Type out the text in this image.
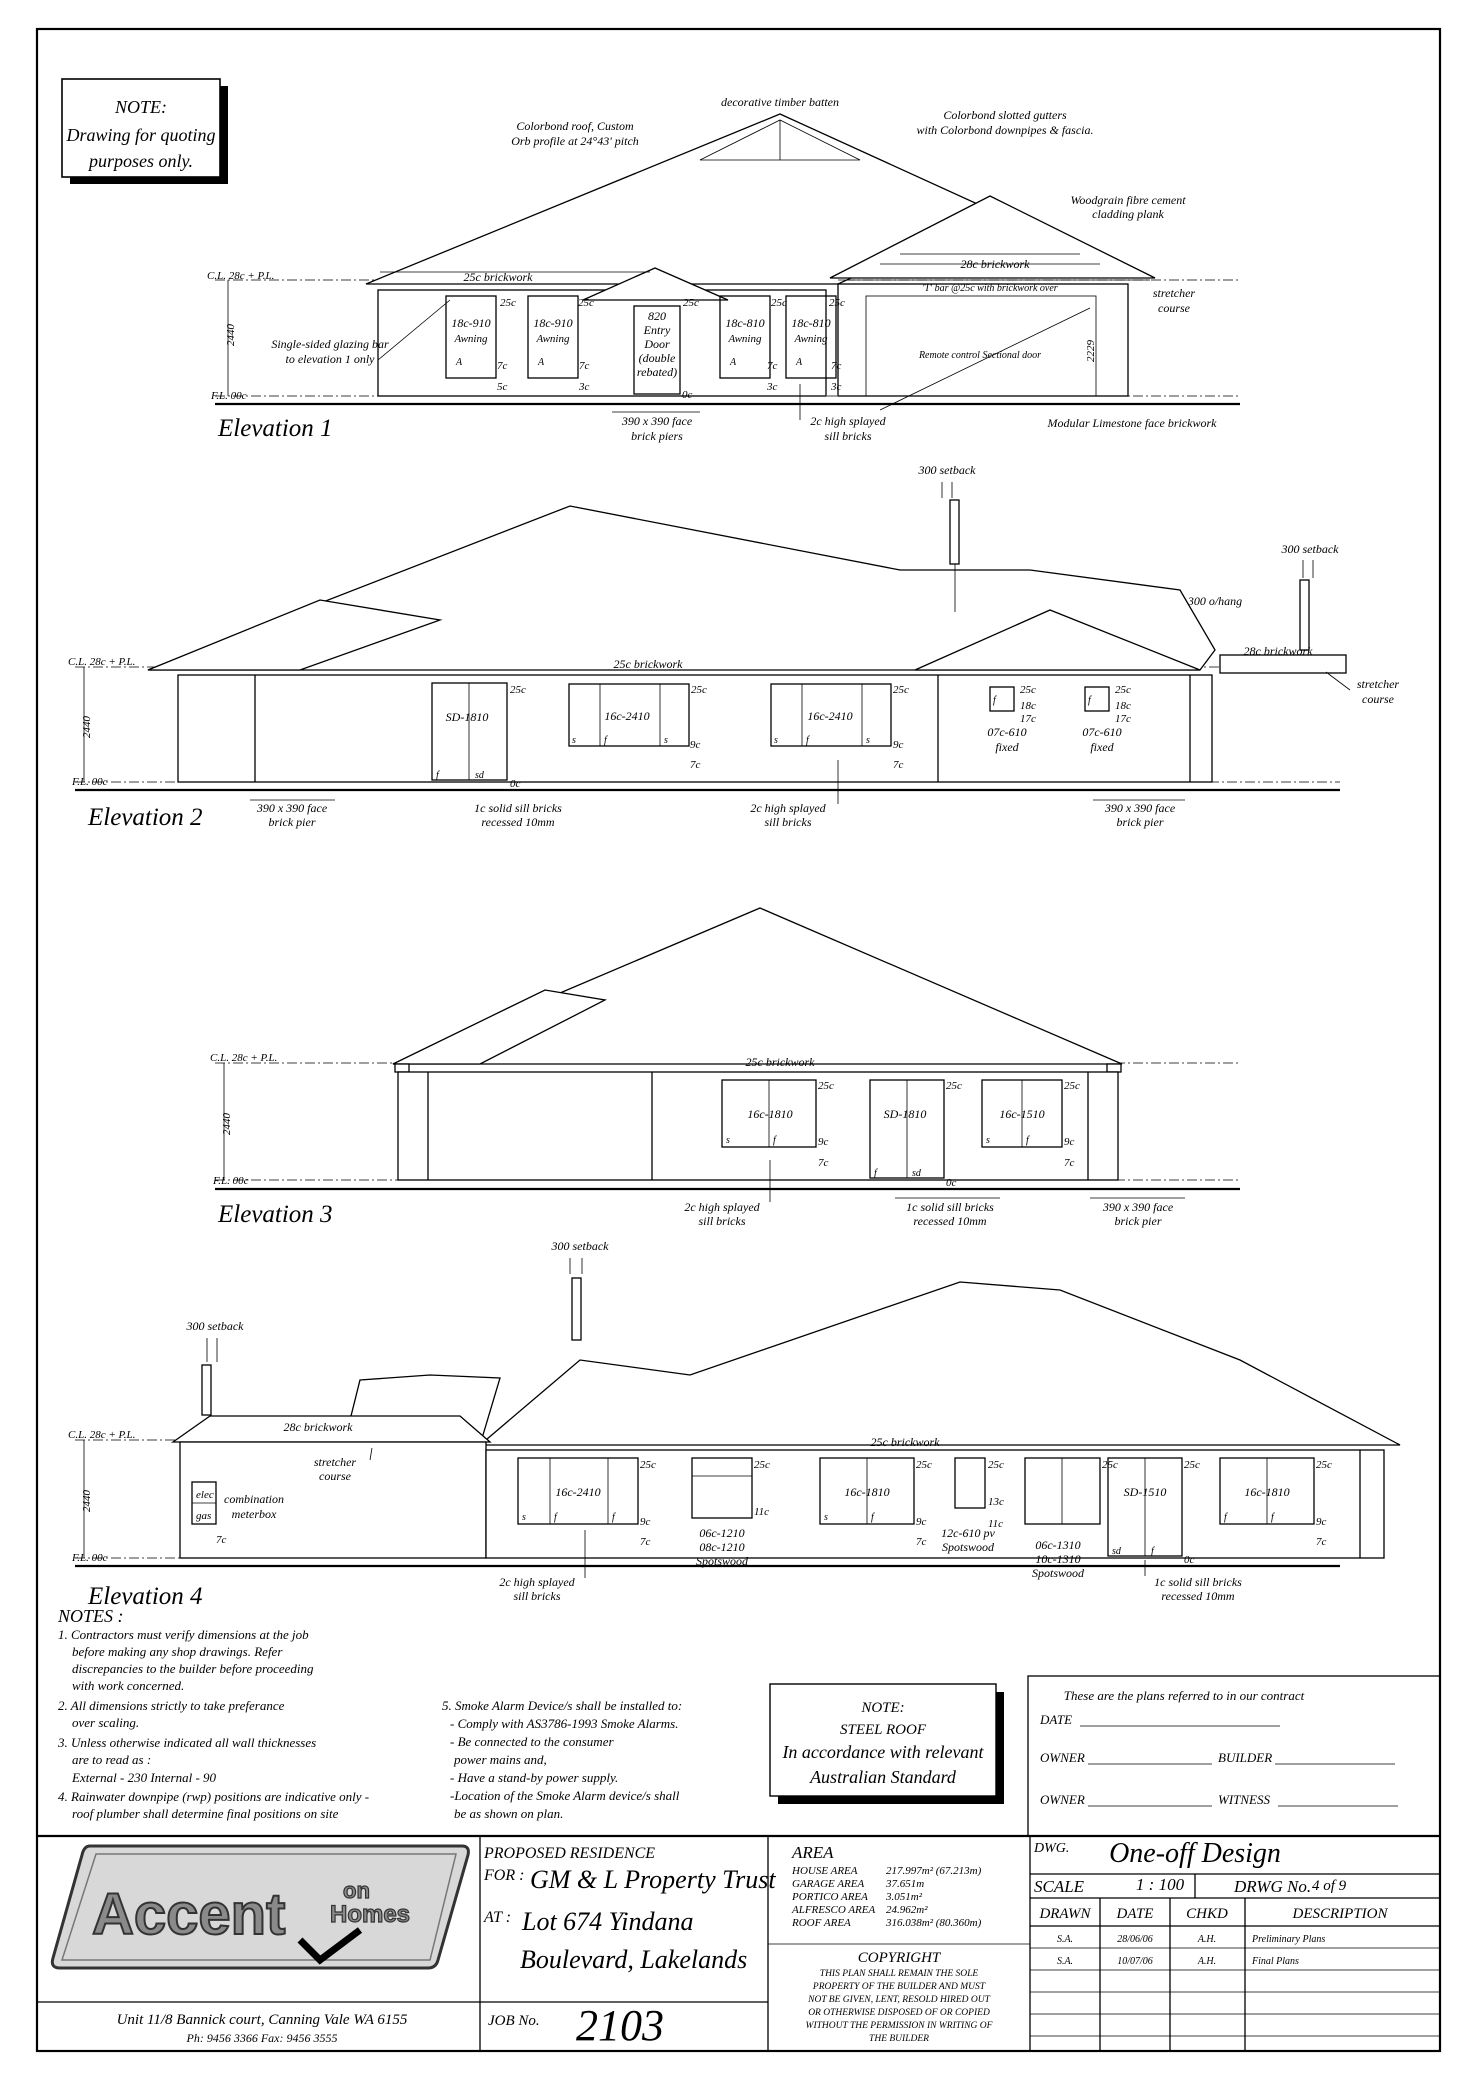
NOTE:
Drawing for quoting
purposes only.
C.L. 28c + P.L.
F.L. 00c
2440
2229
Colorbond roof, Custom
Orb profile at 24°43' pitch
decorative timber batten
Colorbond slotted gutters
with Colorbond downpipes & fascia.
Woodgrain fibre cement
cladding plank
25c brickwork
28c brickwork
'T' bar @25c with brickwork over	stretcher
course
Single-sided glazing bar
to elevation 1 only
18c-910
Awning
18c-910
Awning
18c-810
Awning
18c-810
Awning
820
Entry
Door
(double
rebated)
Remote control Sectional door
25c	25c	25c	25c	25c
7c	7c	7c	7c
5c	3c	3c	3c
0c
A	A	A	A
Elevation 1	390 x 390 face
brick piers
2c high splayed
sill bricks
Modular Limestone face brickwork
C.L. 28c + P.L.
F.L. 00c
2440
300 setback
300 setback
300 o/hang
25c brickwork
28c brickwork
stretcher
course
SD-1810	16c-2410	16c-2410
07c-610
fixed
07c-610
fixed
25c	25c	25c	25c	25c
18c	18c
17c	17c
9c	9c
7c	7c
0c
s	f	s	s	f	s
f	sd
f	f
Elevation 2	390 x 390 face
brick pier
1c solid sill bricks
recessed 10mm
2c high splayed
sill bricks
390 x 390 face
brick pier
C.L. 28c + P.L.
F.L. 00c
2440
25c brickwork
16c-1810	SD-1810	16c-1510
25c	25c	25c
9c	9c
7c	7c
0c
s	f	s	f
f	sd
Elevation 3	2c high splayed
sill bricks
1c solid sill bricks
recessed 10mm
390 x 390 face
brick pier
C.L. 28c + P.L.
F.L. 00c
2440
300 setback
300 setback
28c brickwork
25c brickwork
stretcher
course
elec
gas
combination
meterbox
16c-2410
06c-1210
08c-1210
Spotswood
16c-1810
12c-610 pv
Spotswood	06c-1310
10c-1310
Spotswood
SD-1510	16c-1810
25c	25c	25c	25c	25c	25c	25c
11c
11c
13c
9c	9c	9c
7c	7c	7c	7c
0c
s	f	f	s	f	f	f
sd	f
Elevation 4
2c high splayed
sill bricks
1c solid sill bricks
recessed 10mm
NOTES :
1. Contractors must verify dimensions at the job
before making any shop drawings. Refer
discrepancies to the builder before proceeding
with work concerned.
2. All dimensions strictly to take preferance
over scaling.
3. Unless otherwise indicated all wall thicknesses
are to read as :
External - 230 Internal - 90
4. Rainwater downpipe (rwp) positions are indicative only -
roof plumber shall determine final positions on site
5. Smoke Alarm Device/s shall be installed to:
- Comply with AS3786-1993 Smoke Alarms.
- Be connected to the consumer
power mains and,
- Have a stand-by power supply.
-Location of the Smoke Alarm device/s shall
be as shown on plan.
NOTE:
STEEL ROOF
In accordance with relevant
Australian Standard
These are the plans referred to in our contract
DATE
OWNER	BUILDER
OWNER	WITNESS
Accent	on
Homes
Unit 11/8 Bannick court, Canning Vale WA 6155
Ph: 9456 3366 Fax: 9456 3555
PROPOSED RESIDENCE
FOR : GM & L Property Trust
AT : Lot 674 Yindana
Boulevard, Lakelands
JOB No. 2103
AREA
HOUSE AREA	217.997m² (67.213m)
GARAGE AREA 37.651m
PORTICO AREA 3.051m²
ALFRESCO AREA 24.962m²
ROOF AREA	316.038m² (80.360m)
COPYRIGHT
THIS PLAN SHALL REMAIN THE SOLE
PROPERTY OF THE BUILDER AND MUST
NOT BE GIVEN, LENT, RESOLD HIRED OUT
OR OTHERWISE DISPOSED OF OR COPIED
WITHOUT THE PERMISSION IN WRITING OF
THE BUILDER
DWG. One-off Design
SCALE	1 : 100	DRWG No. 4 of 9
DRAWN DATE CHKD	DESCRIPTION
S.A.	28/06/06	A.H.	Preliminary Plans
S.A.	10/07/06	A.H.	Final Plans
